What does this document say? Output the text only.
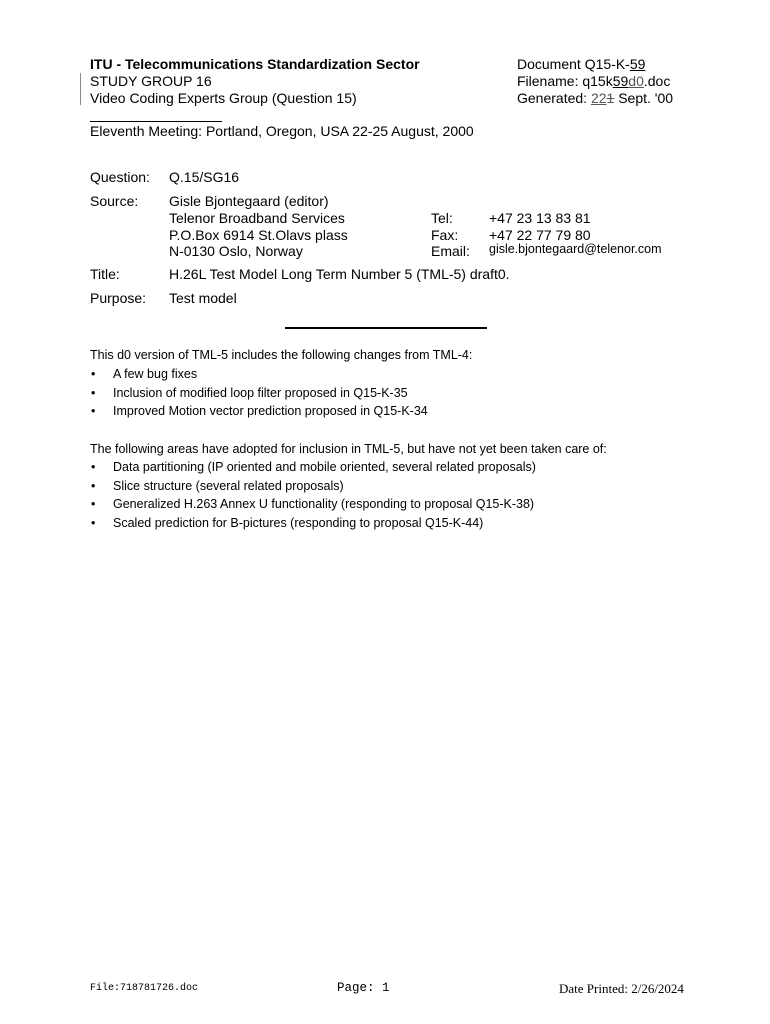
ITU - Telecommunications Standardization Sector
STUDY GROUP 16
Video Coding Experts Group (Question 15)
Document Q15-K-59
Filename: q15k59d0.doc
Generated: 221 Sept. '00
Eleventh Meeting: Portland, Oregon, USA 22-25 August, 2000
Question: Q.15/SG16
Source: Gisle Bjontegaard (editor)
Telenor Broadband Services
P.O.Box 6914 St.Olavs plass
N-0130 Oslo, Norway
Tel:	+47 23 13 83 81
Fax: +47 22 77 79 80
Email: gisle.bjontegaard@telenor.com
Title:	H.26L Test Model Long Term Number 5 (TML-5) draft0.
Purpose: Test model
This d0 version of TML-5 includes the following changes from TML-4:
• A few bug fixes
• Inclusion of modified loop filter proposed in Q15-K-35
• Improved Motion vector prediction proposed in Q15-K-34
The following areas have adopted for inclusion in TML-5, but have not yet been taken care of:
• Data partitioning (IP oriented and mobile oriented, several related proposals)
• Slice structure (several related proposals)
• Generalized H.263 Annex U functionality (responding to proposal Q15-K-38)
• Scaled prediction for B-pictures (responding to proposal Q15-K-44)
File:718781726.doc	Page: 1	Date Printed: 2/26/2024
